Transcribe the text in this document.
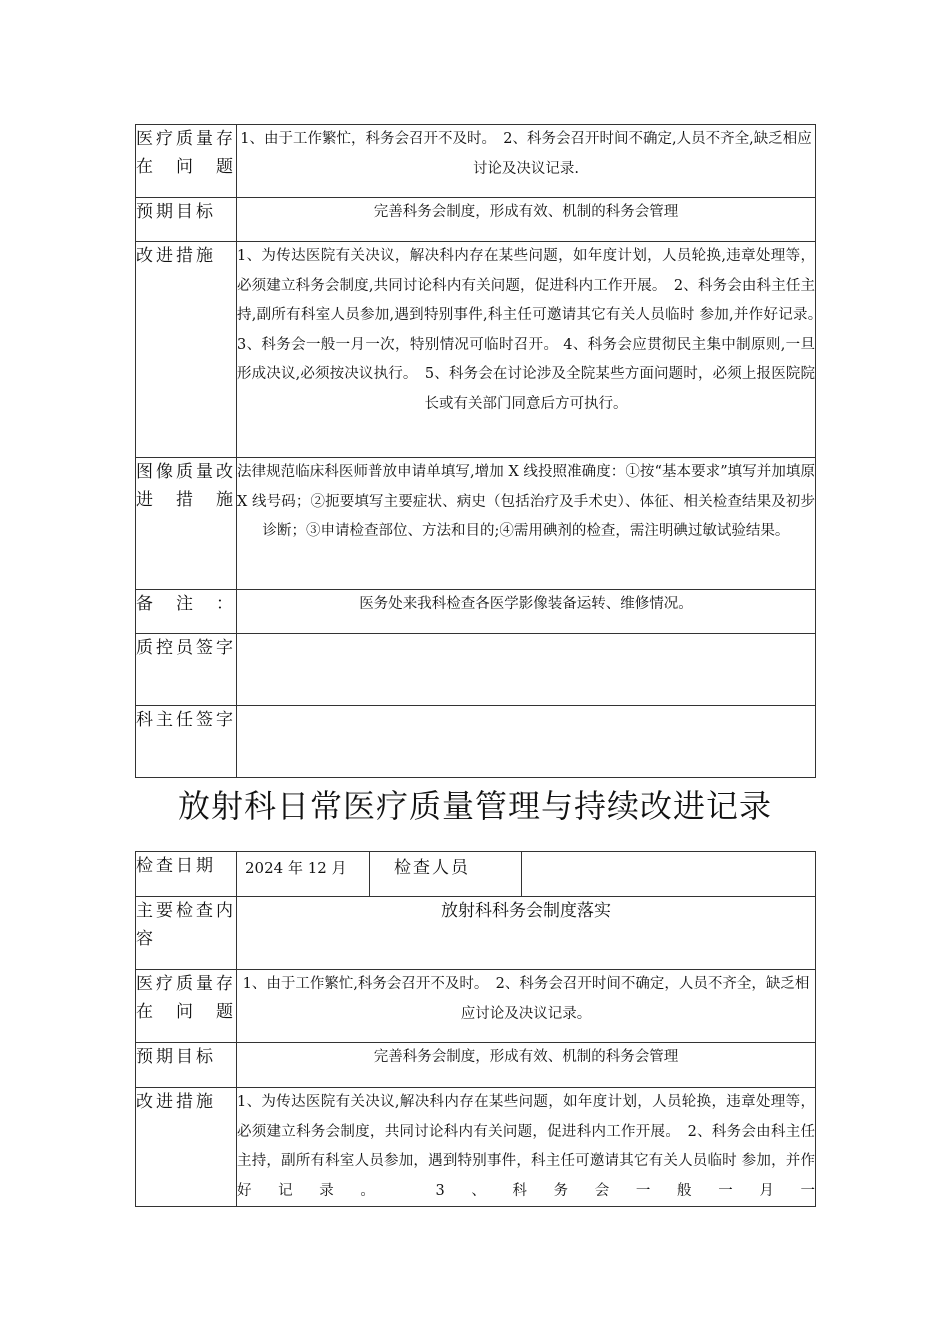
医疗质量存在问题	1、由于工作繁忙，科务会召开不及时。　2、科务会召开时间不确定,人员不齐全,缺乏相应讨论及决议记录.
预期目标	完善科务会制度，形成有效、机制的科务会管理
改进措施	1、为传达医院有关决议，解决科内存在某些问题，如年度计划，人员轮换,违章处理等，必须建立科务会制度,共同讨论科内有关问题，促进科内工作开展。　2、科务会由科主任主持,副所有科室人员参加,遇到特别事件,科主任可邀请其它有关人员临时 参加,并作好记录。　3、科务会一般一月一次，特别情况可临时召开。 4、科务会应贯彻民主集中制原则,一旦形成决议,必须按决议执行。　5、科务会在讨论涉及全院某些方面问题时，必须上报医院院长或有关部门同意后方可执行。
图像质量改进措施	法律规范临床科医师普放申请单填写,增加 X 线投照准确度：①按“基本要求”填写并加填原 X 线号码；②扼要填写主要症状、病史（包括治疗及手术史）、体征、相关检查结果及初步诊断；③申请检查部位、方法和目的;④需用碘剂的检查，需注明碘过敏试验结果。
备　注　：	医务处来我科检查各医学影像装备运转、维修情况。
质控员签字	
科主任签字	
放射科日常医疗质量管理与持续改进记录
检查日期	2024 年 12 月 检查人员

主要检查内　　容	放射科科务会制度落实
医疗质量存在问题	1、由于工作繁忙,科务会召开不及时。　2、科务会召开时间不确定，人员不齐全，缺乏相应讨论及决议记录。
预期目标	完善科务会制度，形成有效、机制的科务会管理
改进措施	1、为传达医院有关决议,解决科内存在某些问题，如年度计划，人员轮换，违章处理等，必须建立科务会制度，共同讨论科内有关问题，促进科内工作开展。　2、科务会由科主任主持，副所有科室人员参加，遇到特别事件，科主任可邀请其它有关人员临时 参加，并作好记录。　3、科务会一般一月一
